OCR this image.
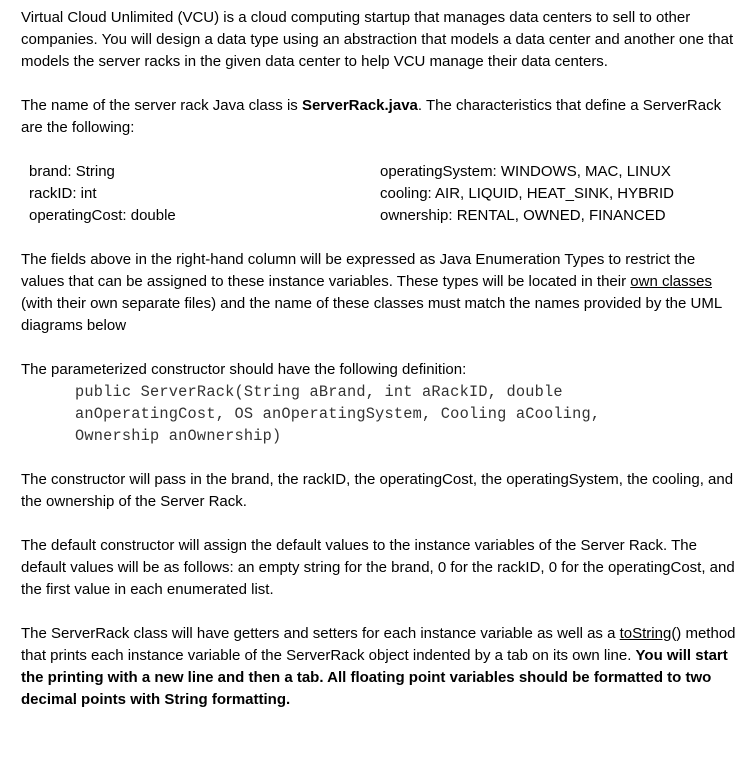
Virtual Cloud Unlimited (VCU) is a cloud computing startup that manages data centers to sell to other companies. You will design a data type using an abstraction that models a data center and another one that models the server racks in the given data center to help VCU manage their data centers.

The name of the server rack Java class is ServerRack.java. The characteristics that define a ServerRack are the following:

brand: String
rackID: int
operatingCost: double
operatingSystem: WINDOWS, MAC, LINUX
cooling: AIR, LIQUID, HEAT_SINK, HYBRID
ownership: RENTAL, OWNED, FINANCED

The fields above in the right-hand column will be expressed as Java Enumeration Types to restrict the values that can be assigned to these instance variables. These types will be located in their own classes (with their own separate files) and the name of these classes must match the names provided by the UML diagrams below

The parameterized constructor should have the following definition:

public ServerRack(String aBrand, int aRackID, double
anOperatingCost, OS anOperatingSystem, Cooling aCooling,
Ownership anOwnership)

The constructor will pass in the brand, the rackID, the operatingCost, the operatingSystem, the cooling, and the ownership of the Server Rack.

The default constructor will assign the default values to the instance variables of the Server Rack. The default values will be as follows: an empty string for the brand, 0 for the rackID, 0 for the operatingCost, and the first value in each enumerated list.

The ServerRack class will have getters and setters for each instance variable as well as a toString() method that prints each instance variable of the ServerRack object indented by a tab on its own line. You will start the printing with a new line and then a tab. All floating point variables should be formatted to two decimal points with String formatting.
